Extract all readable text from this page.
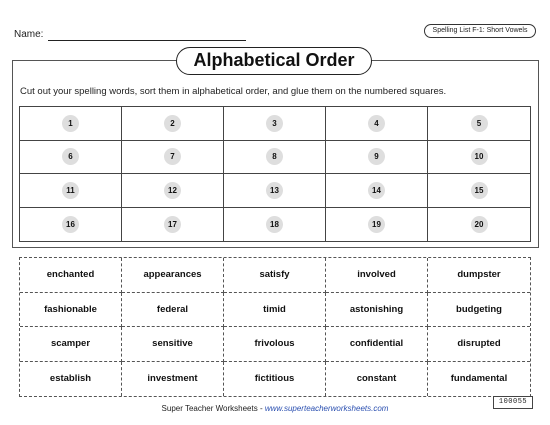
Name:	Spelling List F-1: Short Vowels
Alphabetical Order
Cut out your spelling words, sort them in alphabetical order, and glue them on the numbered squares.
1	2	3	4	5
6	7	8	9	10
11	12	13	14	15
16	17	18	19	20
enchanted	appearances	satisfy	involved	dumpster
fashionable	federal	timid	astonishing	budgeting
scamper	sensitive	frivolous	confidential	disrupted
establish	investment	fictitious	constant	fundamental
Super Teacher Worksheets - www.superteacherworksheets.com
100055
